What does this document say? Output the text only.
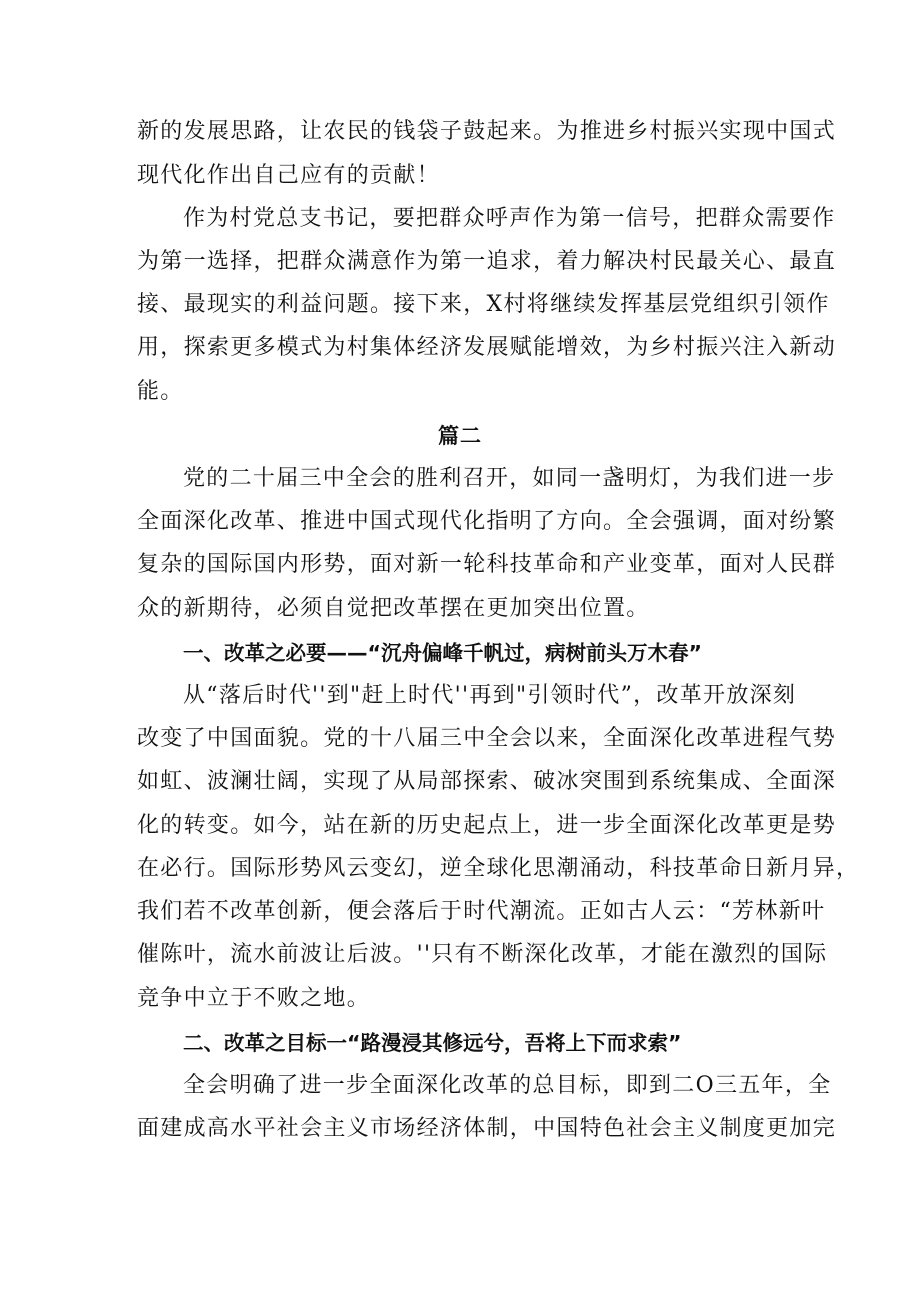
新的发展思路，让农民的钱袋子鼓起来。为推进乡村振兴实现中国式
现代化作出自己应有的贡献！
作为村党总支书记，要把群众呼声作为第一信号，把群众需要作
为第一选择，把群众满意作为第一追求，着力解决村民最关心、最直
接、最现实的利益问题。接下来，X村将继续发挥基层党组织引领作
用，探索更多模式为村集体经济发展赋能增效，为乡村振兴注入新动
能。
篇二
党的二十届三中全会的胜利召开，如同一盏明灯，为我们进一步
全面深化改革、推进中国式现代化指明了方向。全会强调，面对纷繁
复杂的国际国内形势，面对新一轮科技革命和产业变革，面对人民群
众的新期待，必须自觉把改革摆在更加突出位置。
一、改革之必要——“沉舟偏峰千帆过，病树前头万木春”
从“落后时代''到"赶上时代''再到"引领时代”，改革开放深刻
改变了中国面貌。党的十八届三中全会以来，全面深化改革进程气势
如虹、波澜壮阔，实现了从局部探索、破冰突围到系统集成、全面深
化的转变。如今，站在新的历史起点上，进一步全面深化改革更是势
在必行。国际形势风云变幻，逆全球化思潮涌动，科技革命日新月异，
我们若不改革创新，便会落后于时代潮流。正如古人云：“芳林新叶
催陈叶，流水前波让后波。''只有不断深化改革，才能在激烈的国际
竞争中立于不败之地。
二、改革之目标一“路漫浸其修远兮，吾将上下而求索”
全会明确了进一步全面深化改革的总目标，即到二O三五年，全
面建成高水平社会主义市场经济体制，中国特色社会主义制度更加完
